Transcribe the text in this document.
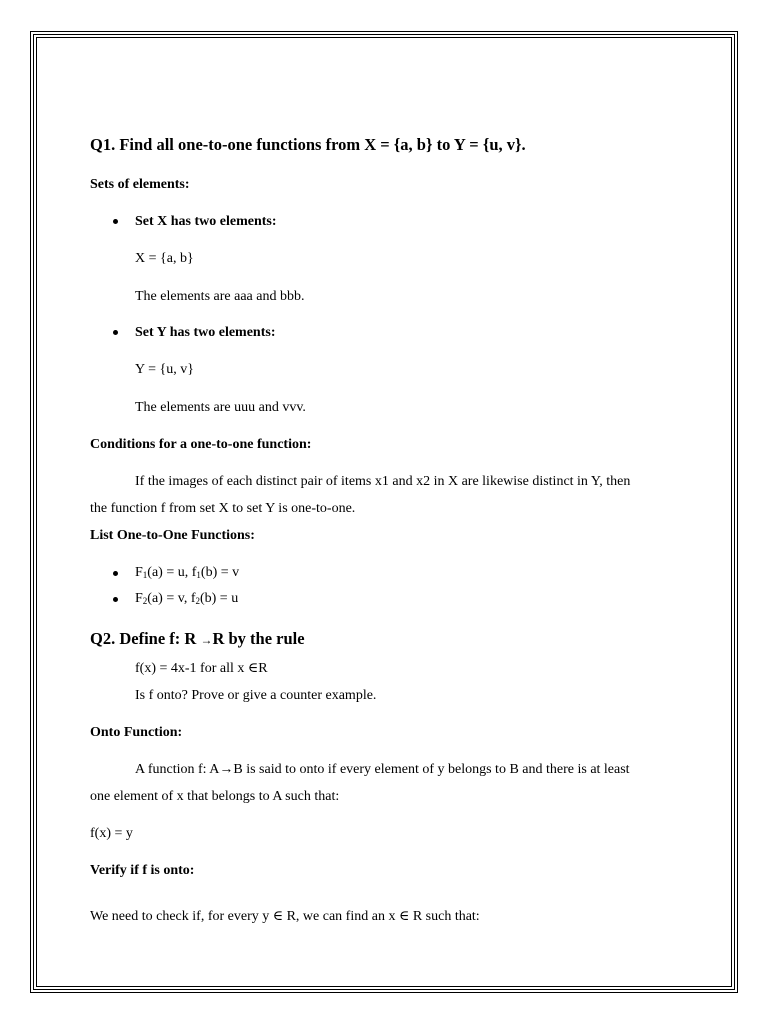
Q1. Find all one-to-one functions from X = {a, b} to Y = {u, v}.
Sets of elements:
Set X has two elements:
X = {a, b}
The elements are aaa and bbb.
Set Y has two elements:
Y = {u, v}
The elements are uuu and vvv.
Conditions for a one-to-one function:
If the images of each distinct pair of items x1 and x2 in X are likewise distinct in Y, then
the function f from set X to set Y is one-to-one.
List One-to-One Functions:
$F_1(a) = u$, $f_1(b) = v$
$F_2(a) = v$, $f_2(b) = u$
Q2. Define f: R →R by the rule
f(x) = 4x-1 for all x ∈R
Is f onto? Prove or give a counter example.
Onto Function:
A function f: A→B is said to onto if every element of y belongs to B and there is at least
one element of x that belongs to A such that:
f(x) = y
Verify if f is onto:
We need to check if, for every y ∈ R, we can find an x ∈ R such that:
